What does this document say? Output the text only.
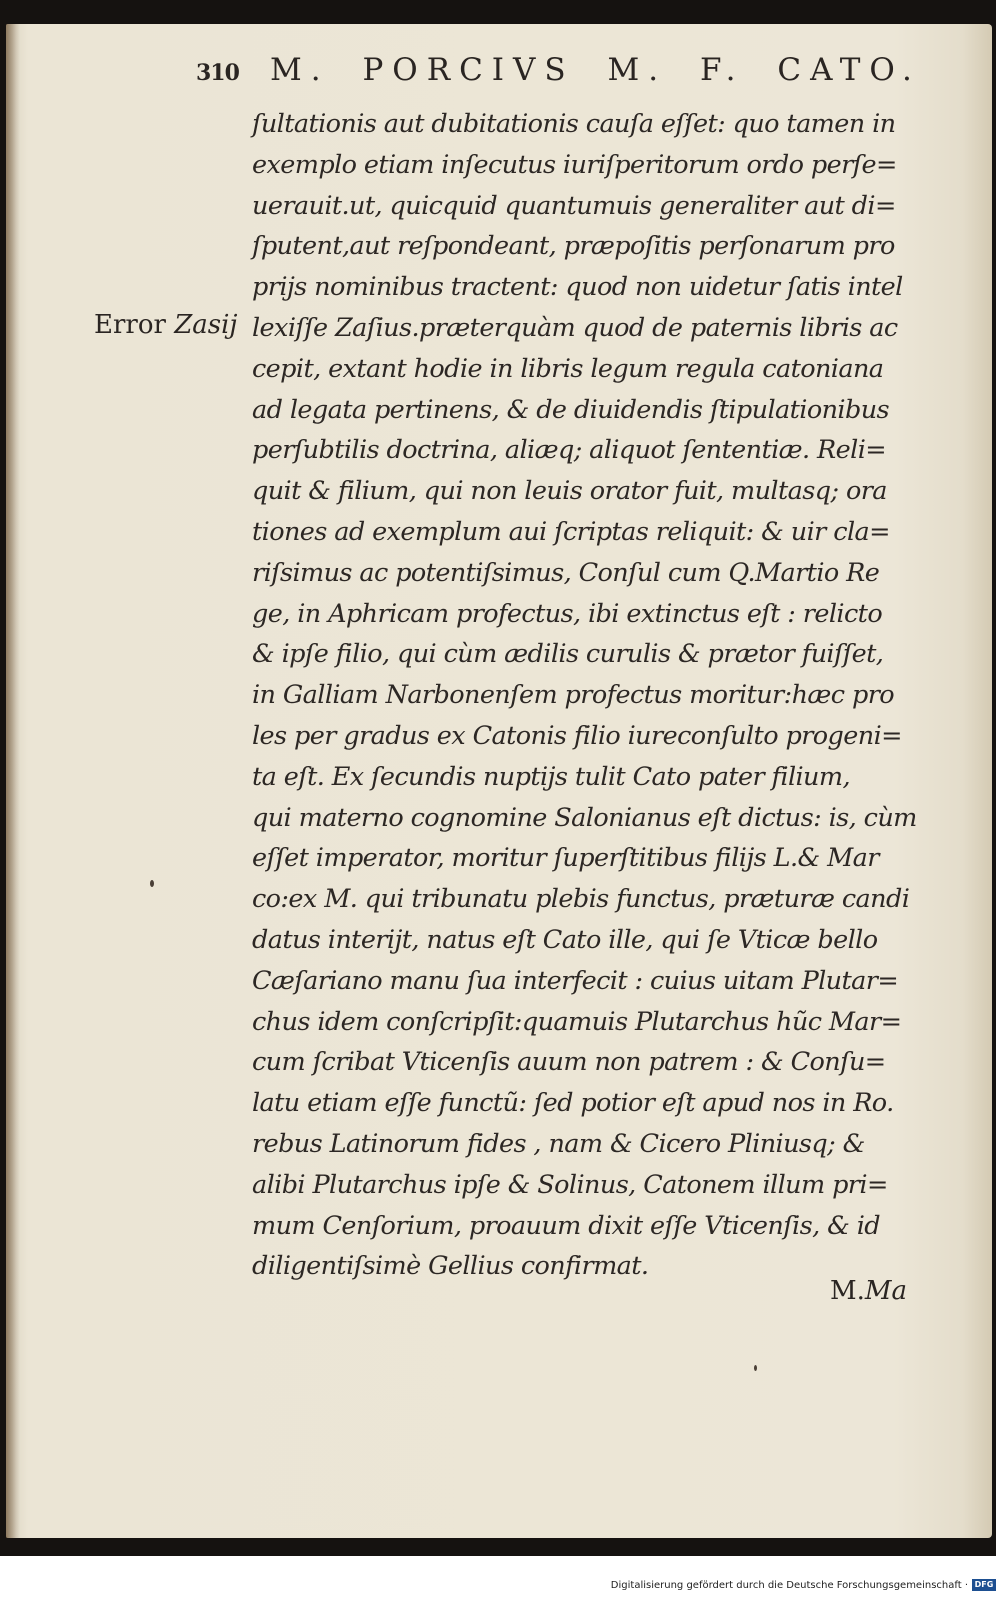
310 M. PORCIVS M. F. CATO.
Error Zasij
ſultationis aut dubitationis cauſa eſſet: quo tamen in
exemplo etiam inſecutus iuriſperitorum ordo perſe=
uerauit.ut, quicquid quantumuis generaliter aut di=
ſputent,aut reſpondeant, præpoſitis perſonarum pro
prijs nominibus tractent: quod non uidetur ſatis intel
lexiſſe Zaſius.præterquàm quod de paternis libris ac
cepit, extant hodie in libris legum regula catoniana
ad legata pertinens, & de diuidendis ſtipulationibus
perſubtilis doctrina, aliæq; aliquot ſententiæ. Reli=
quit & filium, qui non leuis orator fuit, multasq; ora
tiones ad exemplum aui ſcriptas reliquit: & uir cla=
riſsimus ac potentiſsimus, Conſul cum Q.Martio Re
ge, in Aphricam profectus, ibi extinctus eſt : relicto
& ipſe filio, qui cùm ædilis curulis & prætor fuiſſet,
in Galliam Narbonenſem profectus moritur:hæc pro
les per gradus ex Catonis filio iureconſulto progeni=
ta eſt. Ex ſecundis nuptijs tulit Cato pater filium,
qui materno cognomine Salonianus eſt dictus: is, cùm
eſſet imperator, moritur ſuperſtitibus filijs L.& Mar
co:ex M. qui tribunatu plebis functus, præturæ candi
datus interijt, natus eſt Cato ille, qui ſe Vticæ bello
Cæſariano manu ſua interfecit : cuius uitam Plutar=
chus idem conſcripſit:quamuis Plutarchus hũc Mar=
cum ſcribat Vticenſis auum non patrem : & Conſu=
latu etiam eſſe functũ: ſed potior eſt apud nos in Ro.
rebus Latinorum fides , nam & Cicero Pliniusq; &
alibi Plutarchus ipſe & Solinus, Catonem illum pri=
mum Cenſorium, proauum dixit eſſe Vticenſis, & id
diligentiſsimè Gellius confirmat.
M.Ma
Digitalisierung gefördert durch die Deutsche Forschungsgemeinschaft · DFG
